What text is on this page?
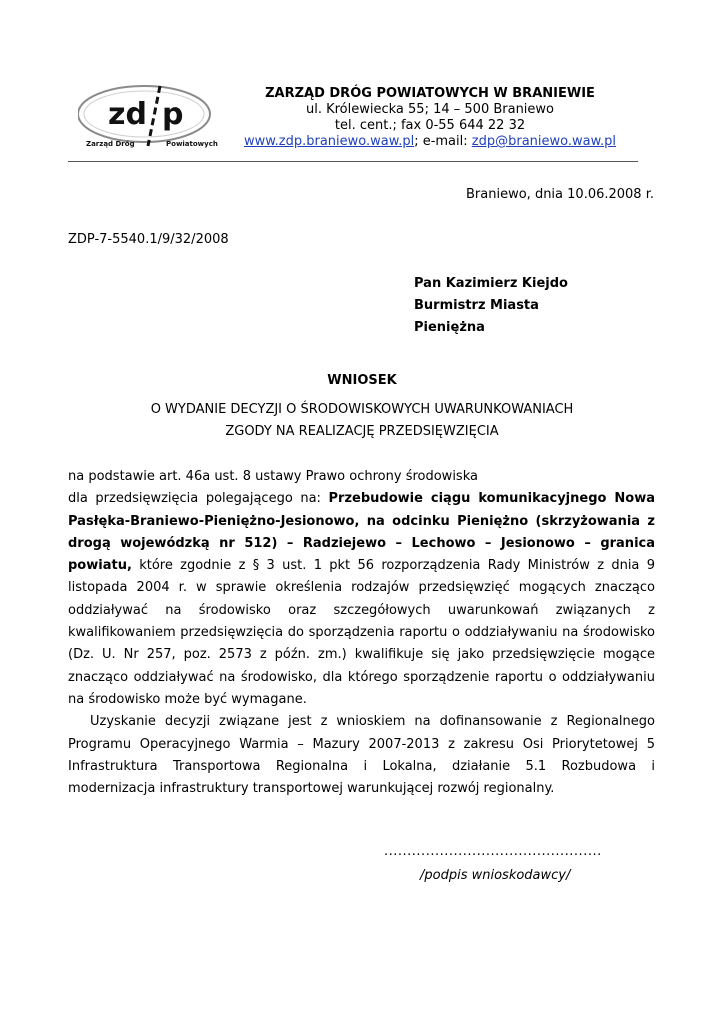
zd p
Zarząd Dróg	Powiatowych
ZARZĄD DRÓG POWIATOWYCH W BRANIEWIE
ul. Królewiecka 55; 14 – 500 Braniewo
tel. cent.; fax 0-55 644 22 32
www.zdp.braniewo.waw.pl; e-mail: zdp@braniewo.waw.pl
Braniewo, dnia 10.06.2008 r.
ZDP-7-5540.1/9/32/2008
Pan Kazimierz Kiejdo
Burmistrz Miasta
Pieniężna
WNIOSEK
O WYDANIE DECYZJI O ŚRODOWISKOWYCH UWARUNKOWANIACH
ZGODY NA REALIZACJĘ PRZEDSIĘWZIĘCIA

na podstawie art. 46a ust. 8 ustawy Prawo ochrony środowiska

dla przedsięwzięcia polegającego na: Przebudowie ciągu komunikacyjnego Nowa Pasłęka-Braniewo-Pieniężno-Jesionowo, na odcinku Pieniężno (skrzyżowania z drogą wojewódzką nr 512) – Radziejewo – Lechowo – Jesionowo – granica powiatu, które zgodnie z § 3 ust. 1 pkt 56 rozporządzenia Rady Ministrów z dnia 9 listopada 2004 r. w sprawie określenia rodzajów przedsięwzięć mogących znacząco oddziaływać na środowisko oraz szczegółowych uwarunkowań związanych z kwalifikowaniem przedsięwzięcia do sporządzenia raportu o oddziaływaniu na środowisko (Dz. U. Nr 257, poz. 2573 z późn. zm.) kwalifikuje się jako przedsięwzięcie mogące znacząco oddziaływać na środowisko, dla którego sporządzenie raportu o oddziaływaniu na środowisko może być wymagane.

Uzyskanie decyzji związane jest z wnioskiem na dofinansowanie z Regionalnego Programu Operacyjnego Warmia – Mazury 2007-2013 z zakresu Osi Priorytetowej 5 Infrastruktura Transportowa Regionalna i Lokalna, działanie 5.1 Rozbudowa i modernizacja infrastruktury transportowej warunkującej rozwój regionalny.

...............................................
/podpis wnioskodawcy/
